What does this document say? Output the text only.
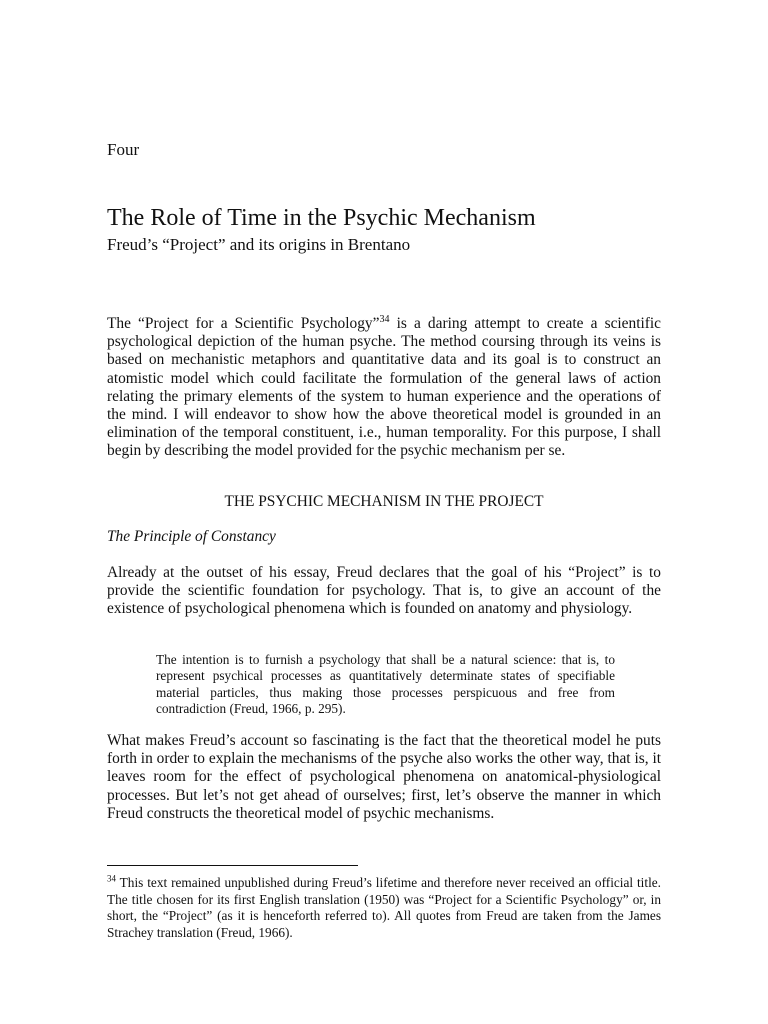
Four

The Role of Time in the Psychic Mechanism

Freud’s “Project” and its origins in Brentano

The “Project for a Scientific Psychology”$^{34}$ is a daring attempt to create a scientific psychological depiction of the human psyche. The method coursing through its veins is based on mechanistic metaphors and quantitative data and its goal is to construct an atomistic model which could facilitate the formulation of the general laws of action relating the primary elements of the system to human experience and the operations of the mind. I will endeavor to show how the above theoretical model is grounded in an elimination of the temporal constituent, i.e., human temporality. For this purpose, I shall begin by describing the model provided for the psychic mechanism per se.

THE PSYCHIC MECHANISM IN THE PROJECT
The Principle of Constancy

Already at the outset of his essay, Freud declares that the goal of his “Project” is to provide the scientific foundation for psychology. That is, to give an account of the existence of psychological phenomena which is founded on anatomy and physiology.

The intention is to furnish a psychology that shall be a natural science: that is, to represent psychical processes as quantitatively determinate states of specifiable material particles, thus making those processes perspicuous and free from contradiction (Freud, 1966, p. 295).

What makes Freud’s account so fascinating is the fact that the theoretical model he puts forth in order to explain the mechanisms of the psyche also works the other way, that is, it leaves room for the effect of psychological phenomena on anatomical-physiological processes. But let’s not get ahead of ourselves; first, let’s observe the manner in which Freud constructs the theoretical model of psychic mechanisms.

$^{34}$ This text remained unpublished during Freud’s lifetime and therefore never received an official title. The title chosen for its first English translation (1950) was “Project for a Scientific Psychology” or, in short, the “Project” (as it is henceforth referred to). All quotes from Freud are taken from the James Strachey translation (Freud, 1966).
